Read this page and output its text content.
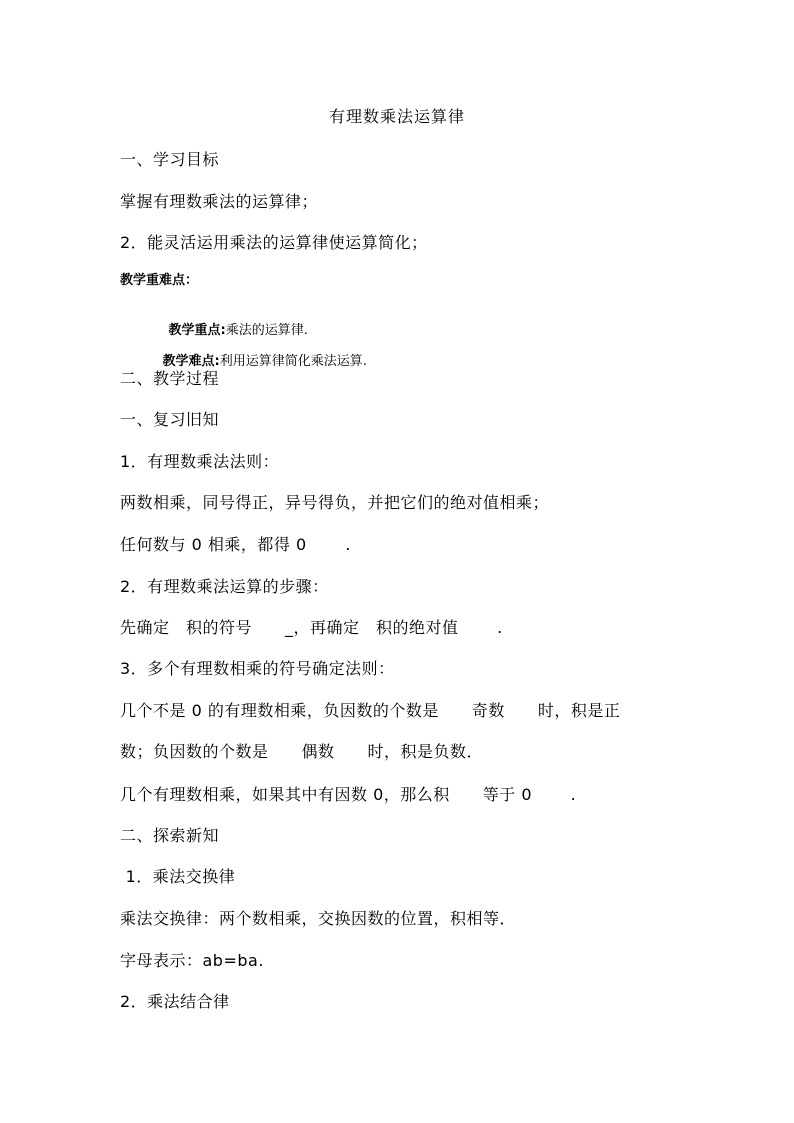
有理数乘法运算律
一、学习目标
掌握有理数乘法的运算律；
2．能灵活运用乘法的运算律使运算简化；
教学重难点：

教学重点:乘法的运算律.

教学难点:利用运算律简化乘法运算.

二、教学过程
一、复习旧知
1．有理数乘法法则：
两数相乘，同号得正，异号得负，并把它们的绝对值相乘；
任何数与 0 相乘，都得 0　　 .
2．有理数乘法运算的步骤：
先确定　积的符号　　_，再确定　积的绝对值　　 .
3．多个有理数相乘的符号确定法则：
几个不是 0 的有理数相乘，负因数的个数是　　奇数　　时，积是正
数；负因数的个数是　　偶数　　时，积是负数．
几个有理数相乘，如果其中有因数 0，那么积　　等于 0　　 .
二、探索新知
1．乘法交换律
乘法交换律：两个数相乘，交换因数的位置，积相等．
字母表示：ab=ba.
2．乘法结合律
